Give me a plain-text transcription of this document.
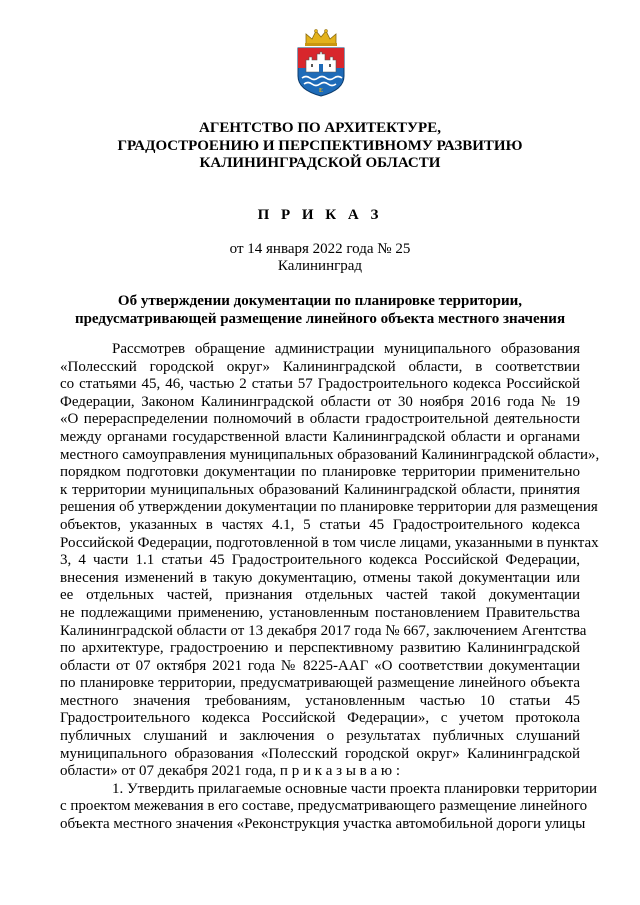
Е
АГЕНТСТВО ПО АРХИТЕКТУРЕ,
ГРАДОСТРОЕНИЮ И ПЕРСПЕКТИВНОМУ РАЗВИТИЮ
КАЛИНИНГРАДСКОЙ ОБЛАСТИ
П Р И К А З
от 14 января 2022 года № 25
Калининград
Об утверждении документации по планировке территории,
предусматривающей размещение линейного объекта местного значения
Рассмотрев обращение администрации муниципального образования
«Полесский городской округ» Калининградской области, в соответствии
со статьями 45, 46, частью 2 статьи 57 Градостроительного кодекса Российской
Федерации, Законом Калининградской области от 30 ноября 2016 года № 19
«О перераспределении полномочий в области градостроительной деятельности
между органами государственной власти Калининградской области и органами
местного самоуправления муниципальных образований Калининградской области»,
порядком подготовки документации по планировке территории применительно
к территории муниципальных образований Калининградской области, принятия
решения об утверждении документации по планировке территории для размещения
объектов, указанных в частях 4.1, 5 статьи 45 Градостроительного кодекса
Российской Федерации, подготовленной в том числе лицами, указанными в пунктах
3, 4 части 1.1 статьи 45 Градостроительного кодекса Российской Федерации,
внесения изменений в такую документацию, отмены такой документации или
ее отдельных частей, признания отдельных частей такой документации
не подлежащими применению, установленным постановлением Правительства
Калининградской области от 13 декабря 2017 года № 667, заключением Агентства
по архитектуре, градостроению и перспективному развитию Калининградской
области от 07 октября 2021 года № 8225-ААГ «О соответствии документации
по планировке территории, предусматривающей размещение линейного объекта
местного значения требованиям, установленным частью 10 статьи 45
Градостроительного кодекса Российской Федерации», с учетом протокола
публичных слушаний и заключения о результатах публичных слушаний
муниципального образования «Полесский городской округ» Калининградской
области» от 07 декабря 2021 года, п р и к а з ы в а ю :
1. Утвердить прилагаемые основные части проекта планировки территории
с проектом межевания в его составе, предусматривающего размещение линейного
объекта местного значения «Реконструкция участка автомобильной дороги улицы
